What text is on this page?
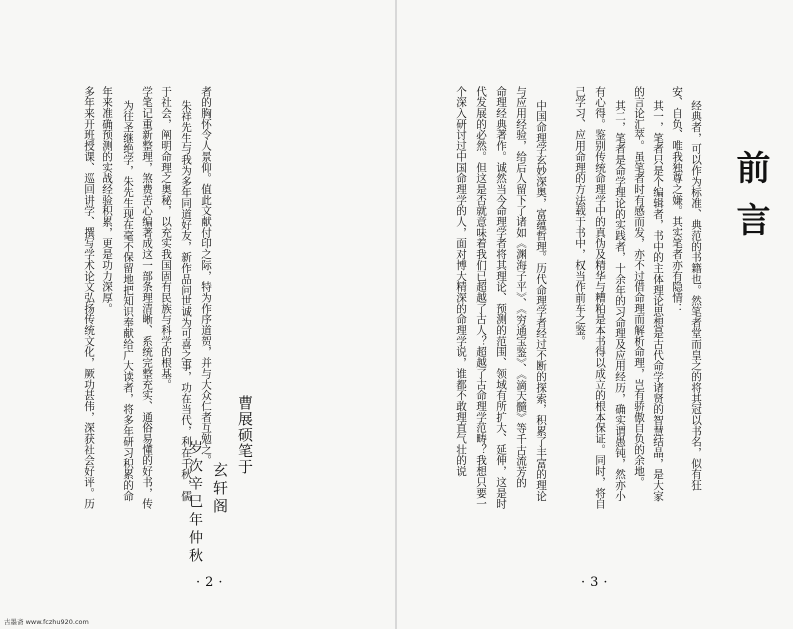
多年来开班授课、巡回讲学、撰写学术论文弘扬传统文化，厥功甚伟，深获社会好评。历 年来准确预测的实战经验积累，更是功力深厚。 为往圣继绝学，朱先生现在毫不保留地把知识奉献给广大读者，将多年研习积累的命 学笔记重新整理，煞费苦心编著成这一部条理清晰、系统完整充实、通俗易懂的好书，传 于社会，阐明命理之奥秘，以充实我国固有民族与科学的根基。 朱祥先生与我为多年同道好友，新作品问世诚为可喜之事，功在当代，利在千秋，儒 者的胸怀令人景仰。值此文献付印之际，特为作序道贺，并与大众仁者互勉之。 曹展硕笔于
玄轩阁
岁次辛巳年仲秋
·2·
前言
经典者，可以作为标准、典范的书籍也。然笔者堂而皇之的将其冠以书名，似有狂
安、自负、唯我独尊之嫌。其实笔者亦有隐情：
其一，笔者只是个编辑者，书中的主体理论思想是古代命学诸贤的智慧结晶，是大家
的言论汇萃。虽笔者时有感而发，亦不过借命理而解析命理，岂有骄傲自负的余地。
其二，笔者是命学理论的实践者，十余年的习命理及应用经历，确实谓愚钝，然亦小
有心得。鉴别传统命理学中的真伪及精华与糟粕是本书得以成立的根本保证。同时，将自
己学习、应用命理的方法载于书中，权当作前车之鉴。
中国命理学玄妙深奥，富蕴哲理。历代命理学者经过不断的探索，积累了丰富的理论
与应用经验，给后人留下了诸如《渊海子平》、《穷通宝鉴》、《滴天髓》等千古流芳的
命理经典著作。诚然当今命理学者将其理论、预测的范围、领域有所扩大、延伸，这是时
代发展的必然。但这是否就意味着我们已超越了古人？超越了古命理学范畴？我想只要一
个深入研讨过中国命理学的人，面对博大精深的命理学说，谁都不敢理直气壮的说
·3·
古墨斋 www.fczhu920.com
